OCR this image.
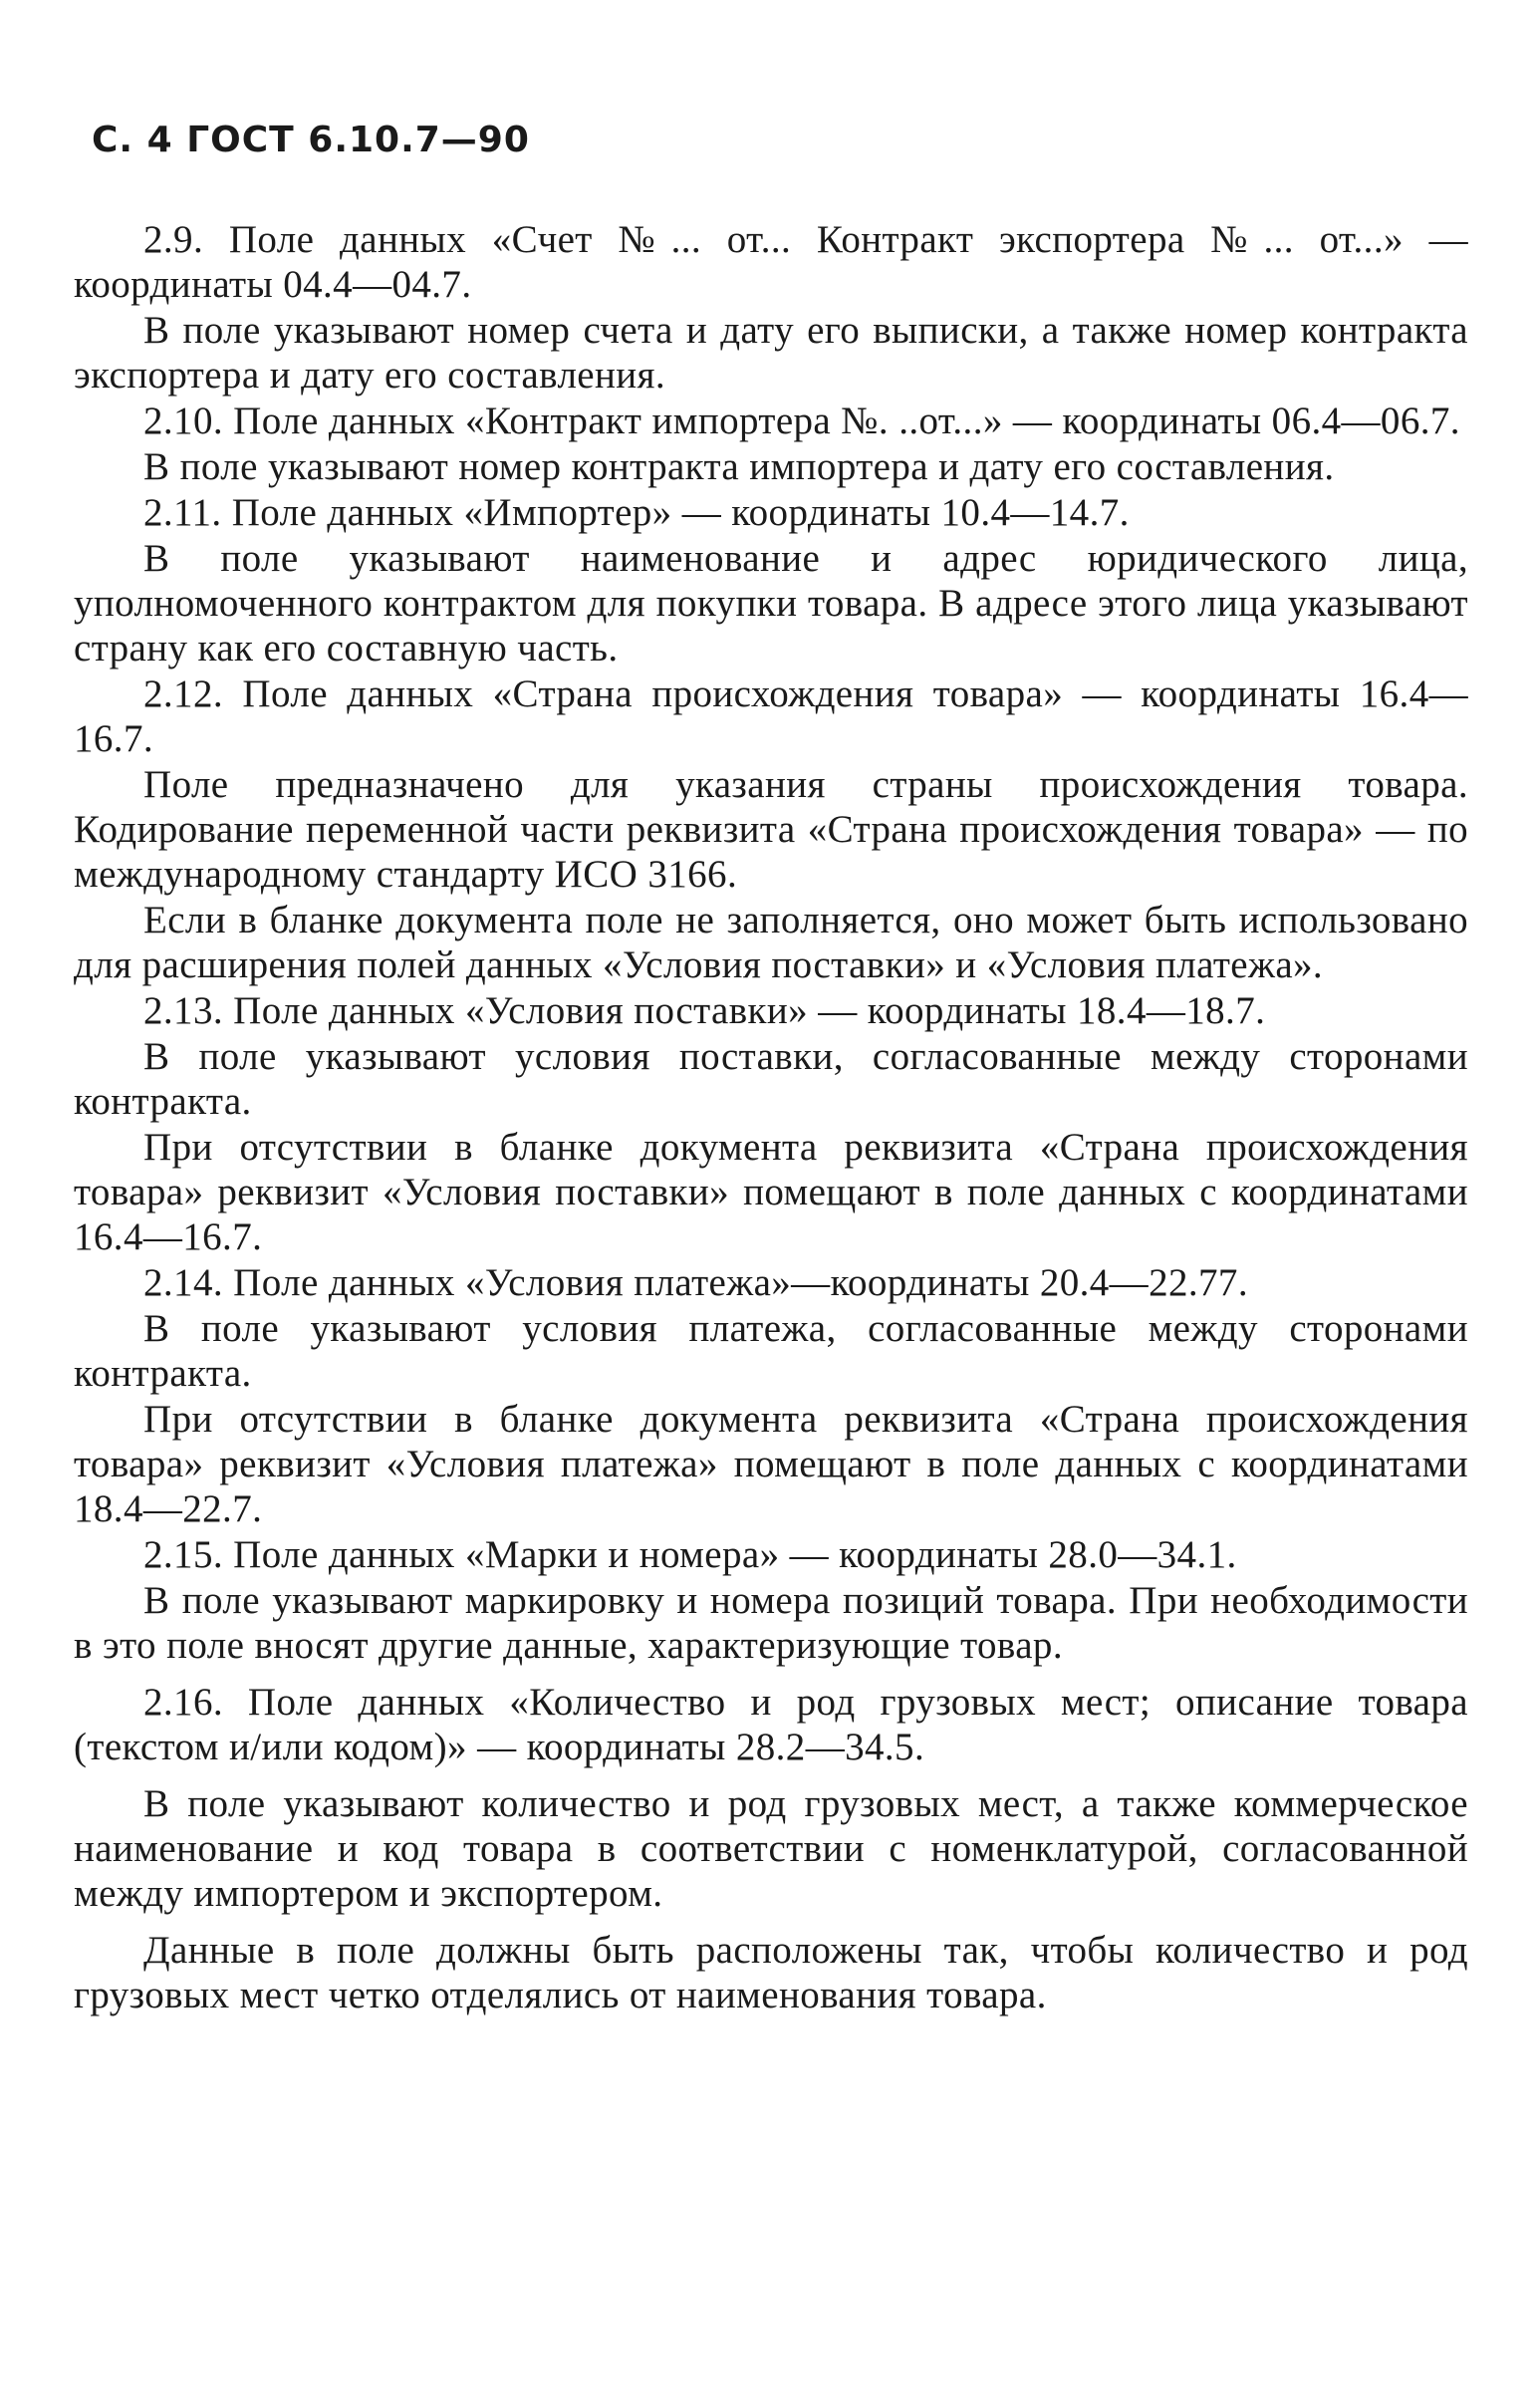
С. 4 ГОСТ 6.10.7—90

2.9. Поле данных «Счет №... от... Контракт экспортера №... от...» — координаты 04.4—04.7.

В поле указывают номер счета и дату его выписки, а также номер контракта экспортера и дату его составления.

2.10. Поле данных «Контракт импортера №. ..от...» — координаты 06.4—06.7.

В поле указывают номер контракта импортера и дату его составления.

2.11. Поле данных «Импортер» — координаты 10.4—14.7.

В поле указывают наименование и адрес юридического лица, уполномоченного контрактом для покупки товара. В адресе этого лица указывают страну как его составную часть.

2.12. Поле данных «Страна происхождения товара» — координаты 16.4—16.7.

Поле предназначено для указания страны происхождения товара. Кодирование переменной части реквизита «Страна происхождения товара» — по международному стандарту ИСО 3166.

Если в бланке документа поле не заполняется, оно может быть использовано для расширения полей данных «Условия поставки» и «Условия платежа».

2.13. Поле данных «Условия поставки» — координаты 18.4—18.7.

В поле указывают условия поставки, согласованные между сторонами контракта.

При отсутствии в бланке документа реквизита «Страна происхождения товара» реквизит «Условия поставки» помещают в поле данных с координатами 16.4—16.7.

2.14. Поле данных «Условия платежа»—координаты 20.4—22.77.

В поле указывают условия платежа, согласованные между сторонами контракта.

При отсутствии в бланке документа реквизита «Страна происхождения товара» реквизит «Условия платежа» помещают в поле данных с координатами 18.4—22.7.

2.15. Поле данных «Марки и номера» — координаты 28.0—34.1.

В поле указывают маркировку и номера позиций товара. При необходимости в это поле вносят другие данные, характеризующие товар.

2.16. Поле данных «Количество и род грузовых мест; описание товара (текстом и/или кодом)» — координаты 28.2—34.5.

В поле указывают количество и род грузовых мест, а также коммерческое наименование и код товара в соответствии с номенклатурой, согласованной между импортером и экспортером.

Данные в поле должны быть расположены так, чтобы количество и род грузовых мест четко отделялись от наименования товара.
